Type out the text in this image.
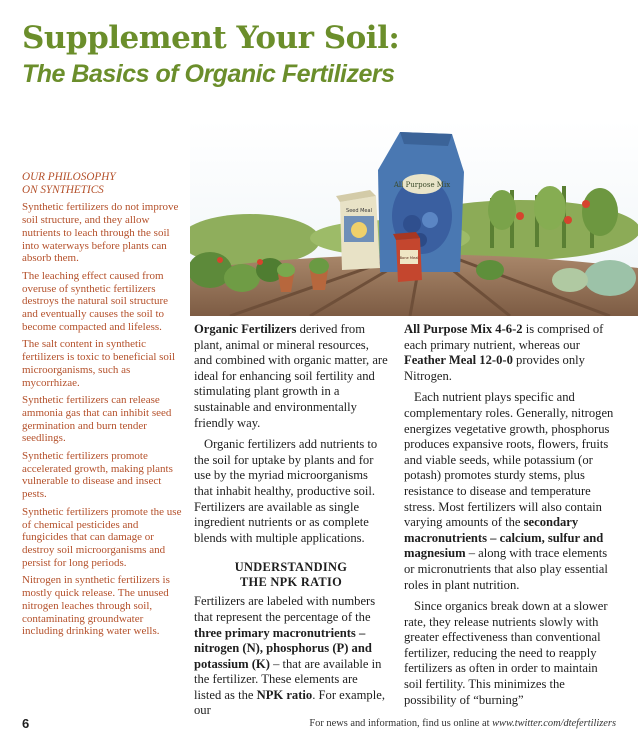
Supplement Your Soil:
The Basics of Organic Fertilizers
OUR PHILOSOPHY
ON SYNTHETICS

Synthetic fertilizers do not improve soil structure, and they allow nutrients to leach through the soil into waterways before plants can absorb them.

The leaching effect caused from overuse of synthetic fertilizers destroys the natural soil structure and eventually causes the soil to become compacted and lifeless.

The salt content in synthetic fertilizers is toxic to beneficial soil microorganisms, such as mycorrhizae.

Synthetic fertilizers can release ammonia gas that can inhibit seed germination and burn tender seedlings.

Synthetic fertilizers promote accelerated growth, making plants vulnerable to disease and insect pests.

Synthetic fertilizers promote the use of chemical pesticides and fungicides that can damage or destroy soil microorganisms and persist for long periods.

Nitrogen in synthetic fertilizers is mostly quick release. The unused nitrogen leaches through soil, contaminating groundwater including drinking water wells.

All Purpose Mix
Seed Meal
Bone Meal

Organic Fertilizers derived from plant, animal or mineral resources, and combined with organic matter, are ideal for enhancing soil fertility and stimulating plant growth in a sustainable and environmentally friendly way.

Organic fertilizers add nutrients to the soil for uptake by plants and for use by the myriad microorganisms that inhabit healthy, productive soil. Fertilizers are available as single ingredient nutrients or as complete blends with multiple applications.

UNDERSTANDING
THE NPK RATIO

Fertilizers are labeled with numbers that represent the percentage of the three primary macronutrients – nitrogen (N), phosphorus (P) and potassium (K) – that are available in the fertilizer. These elements are listed as the NPK ratio. For example, our

All Purpose Mix 4-6-2 is comprised of each primary nutrient, whereas our Feather Meal 12-0-0 provides only Nitrogen.

Each nutrient plays specific and complementary roles. Generally, nitrogen energizes vegetative growth, phosphorus produces expansive roots, flowers, fruits and viable seeds, while potassium (or potash) promotes sturdy stems, plus resistance to disease and temperature stress. Most fertilizers will also contain varying amounts of the secondary macronutrients – calcium, sulfur and magnesium – along with trace elements or micronutrients that also play essential roles in plant nutrition.

Since organics break down at a slower rate, they release nutrients slowly with greater effectiveness than conventional fertilizer, reducing the need to reapply fertilizers as often in order to maintain soil fertility. This minimizes the possibility of “burning”

6	For news and information, find us online at www.twitter.com/dtefertilizers
